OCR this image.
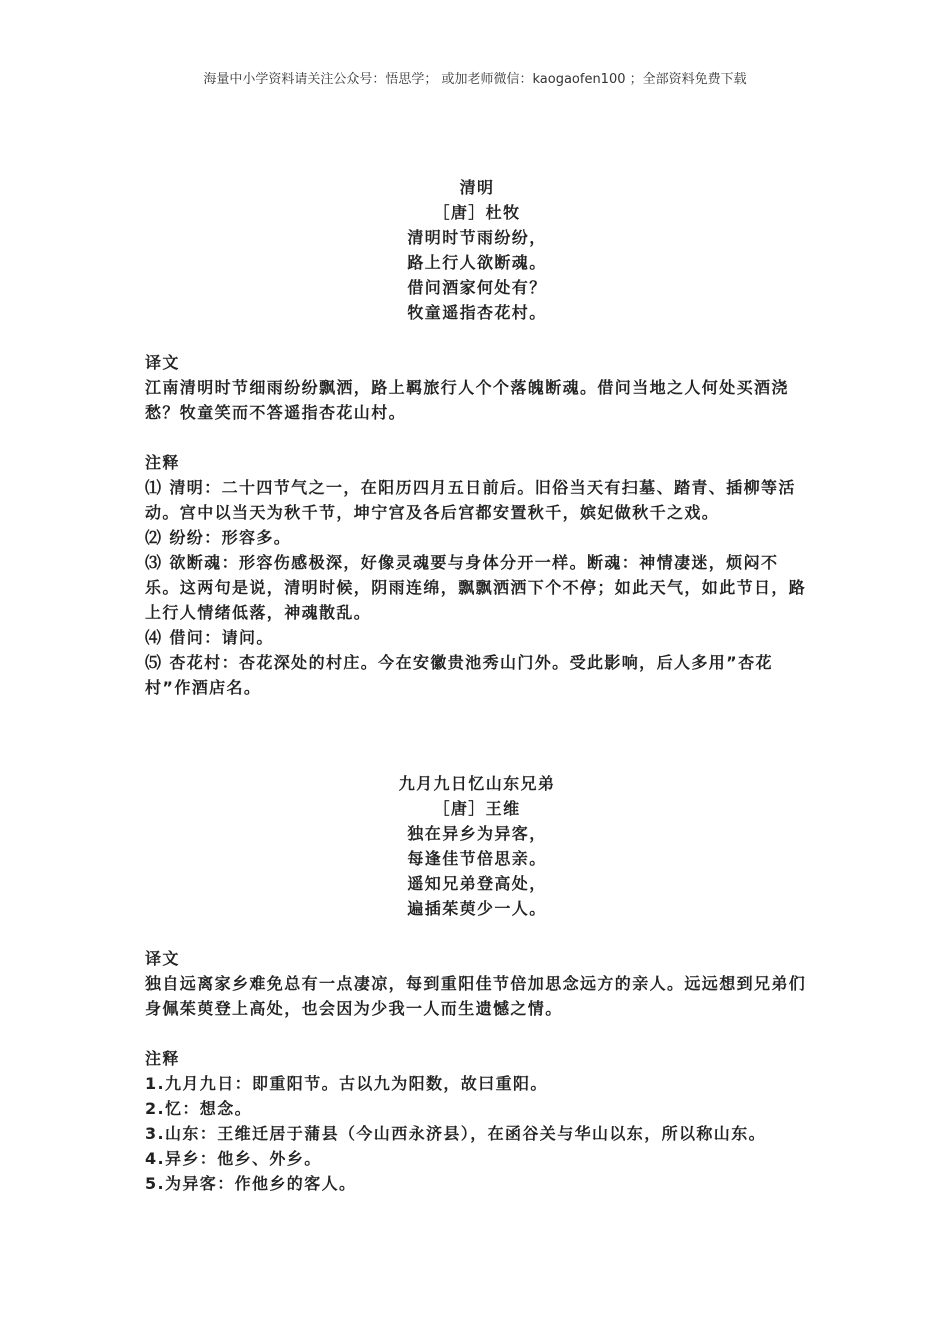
海量中小学资料请关注公众号：悟思学； 或加老师微信：kaogaofen100 ；全部资料免费下载
清明
［唐］杜牧
清明时节雨纷纷，
路上行人欲断魂。
借问酒家何处有？
牧童遥指杏花村。
译文
江南清明时节细雨纷纷飘洒，路上羁旅行人个个落魄断魂。借问当地之人何处买酒浇愁？牧童笑而不答遥指杏花山村。
注释
⑴ 清明：二十四节气之一，在阳历四月五日前后。旧俗当天有扫墓、踏青、插柳等活动。宫中以当天为秋千节，坤宁宫及各后宫都安置秋千，嫔妃做秋千之戏。
⑵ 纷纷：形容多。
⑶ 欲断魂：形容伤感极深，好像灵魂要与身体分开一样。断魂：神情凄迷，烦闷不乐。这两句是说，清明时候，阴雨连绵，飘飘洒洒下个不停；如此天气，如此节日，路上行人情绪低落，神魂散乱。
⑷ 借问：请问。
⑸ 杏花村：杏花深处的村庄。今在安徽贵池秀山门外。受此影响，后人多用”杏花村”作酒店名。
九月九日忆山东兄弟
［唐］王维
独在异乡为异客，
每逢佳节倍思亲。
遥知兄弟登高处，
遍插茱萸少一人。
译文
独自远离家乡难免总有一点凄凉，每到重阳佳节倍加思念远方的亲人。远远想到兄弟们身佩茱萸登上高处，也会因为少我一人而生遗憾之情。
注释
1.九月九日：即重阳节。古以九为阳数，故曰重阳。
2.忆：想念。
3.山东：王维迁居于蒲县（今山西永济县），在函谷关与华山以东，所以称山东。
4.异乡：他乡、外乡。
5.为异客：作他乡的客人。
